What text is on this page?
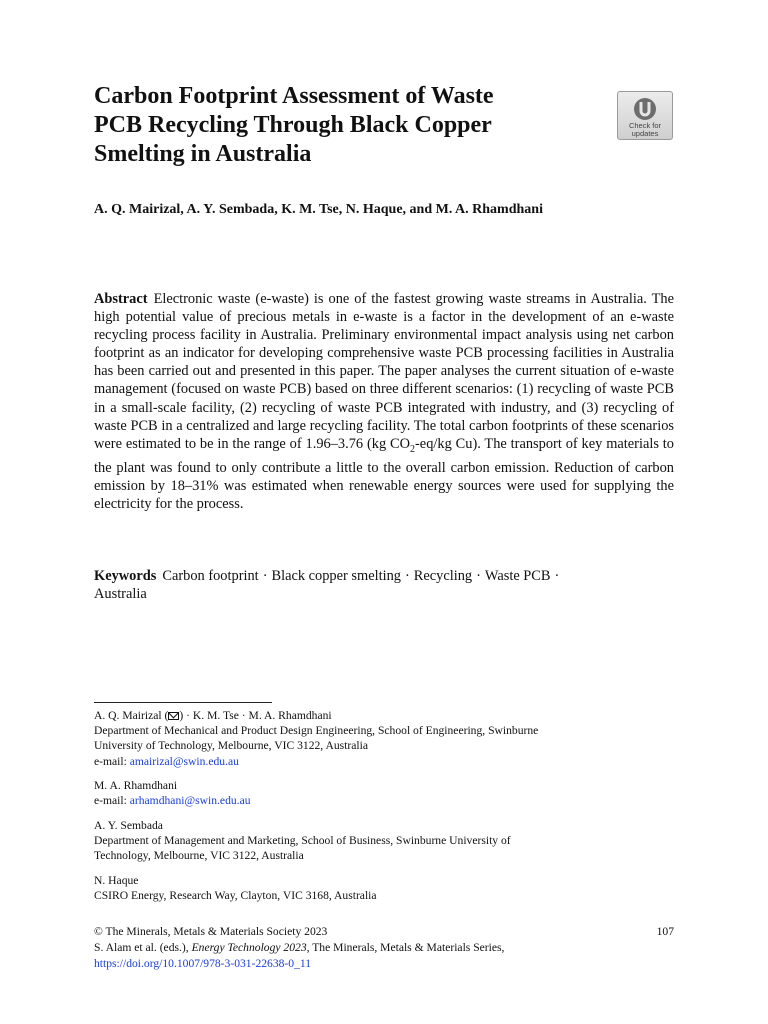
Carbon Footprint Assessment of Waste
PCB Recycling Through Black Copper
Smelting in Australia
Check for
updates

A. Q. Mairizal, A. Y. Sembada, K. M. Tse, N. Haque, and M. A. Rhamdhani

Abstract Electronic waste (e-waste) is one of the fastest growing waste streams in Australia. The high potential value of precious metals in e-waste is a factor in the development of an e-waste recycling process facility in Australia. Preliminary environmental impact analysis using net carbon footprint as an indicator for developing comprehensive waste PCB processing facilities in Australia has been carried out and presented in this paper. The paper analyses the current situation of e-waste management (focused on waste PCB) based on three different scenarios: (1) recycling of waste PCB in a small-scale facility, (2) recycling of waste PCB integrated with industry, and (3) recycling of waste PCB in a centralized and large recycling facility. The total carbon footprints of these scenarios were estimated to be in the range of 1.96–3.76 (kg $CO_2-eq/kg$ Cu). The transport of key materials to the plant was found to only contribute a little to the overall carbon emission. Reduction of carbon emission by 18–31% was estimated when renewable energy sources were used for supplying the electricity for the process.

Keywords Carbon footprint · Black copper smelting · Recycling · Waste PCB ·
Australia

A. Q. Mairizal ( ) · K. M. Tse · M. A. Rhamdhani
Department of Mechanical and Product Design Engineering, School of Engineering, Swinburne
University of Technology, Melbourne, VIC 3122, Australia
e-mail: amairizal@swin.edu.au
M. A. Rhamdhani
e-mail: arhamdhani@swin.edu.au
A. Y. Sembada
Department of Management and Marketing, School of Business, Swinburne University of
Technology, Melbourne, VIC 3122, Australia
N. Haque
CSIRO Energy, Research Way, Clayton, VIC 3168, Australia
© The Minerals, Metals & Materials Society 2023	107
S. Alam et al. (eds.), Energy Technology 2023, The Minerals, Metals & Materials Series,
https://doi.org/10.1007/978-3-031-22638-0_11
